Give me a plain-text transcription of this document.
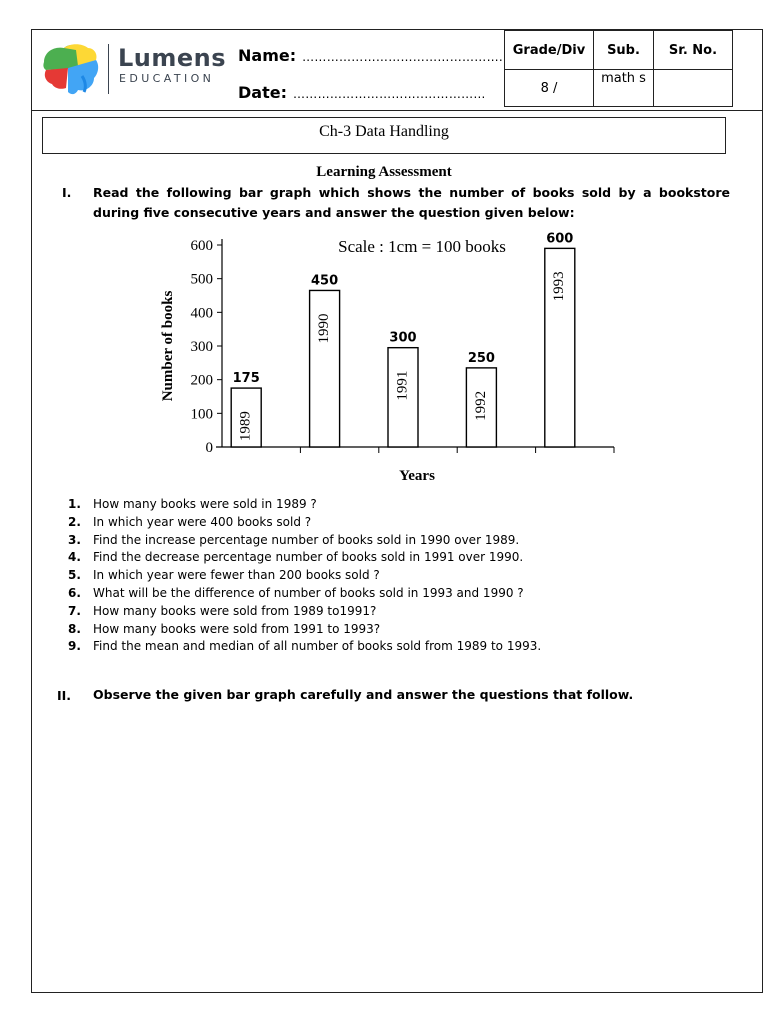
Lumens
EDUCATION
Name: ………………………………………….
Date: …………………………..……………
Grade/Div	Sub.	Sr. No.
8 /	math s	
Ch-3 Data Handling
Learning Assessment
I. Read the following bar graph which shows the number of books sold by a bookstore during five consecutive years and answer the question given below:
0
100
200
300
400
500
600
175
1989
450
1990	300
1991
250
1992
600
1993
Scale : 1cm = 100 books
Years
Number of books
1. How many books were sold in 1989 ?
2. In which year were 400 books sold ?
3. Find the increase percentage number of books sold in 1990 over 1989.
4. Find the decrease percentage number of books sold in 1991 over 1990.
5. In which year were fewer than 200 books sold ?
6. What will be the difference of number of books sold in 1993 and 1990 ?
7. How many books were sold from 1989 to1991?
8. How many books were sold from 1991 to 1993?
9. Find the mean and median of all number of books sold from 1989 to 1993.
II. Observe the given bar graph carefully and answer the questions that follow.
